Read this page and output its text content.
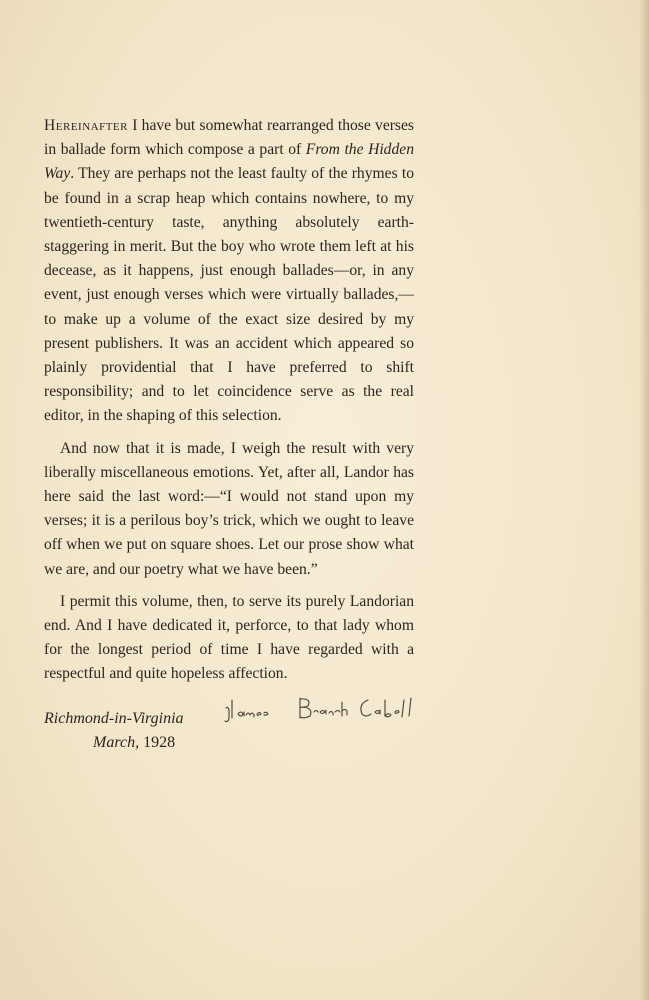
Hereinafter I have but somewhat rearranged those verses in ballade form which compose a part of From the Hidden Way. They are perhaps not the least faulty of the rhymes to be found in a scrap heap which contains nowhere, to my twentieth-century taste, anything absolutely earth-staggering in merit. But the boy who wrote them left at his decease, as it happens, just enough ballades—or, in any event, just enough verses which were virtually ballades,—to make up a volume of the exact size desired by my present publishers. It was an accident which appeared so plainly providential that I have preferred to shift responsibility; and to let coincidence serve as the real editor, in the shaping of this selection.

And now that it is made, I weigh the result with very liberally miscellaneous emotions. Yet, after all, Landor has here said the last word:—“I would not stand upon my verses; it is a perilous boy’s trick, which we ought to leave off when we put on square shoes. Let our prose show what we are, and our poetry what we have been.”

I permit this volume, then, to serve its purely Landorian end. And I have dedicated it, perforce, to that lady whom for the longest period of time I have regarded with a respectful and quite hopeless affection.

Richmond-in-Virginia
March, 1928
